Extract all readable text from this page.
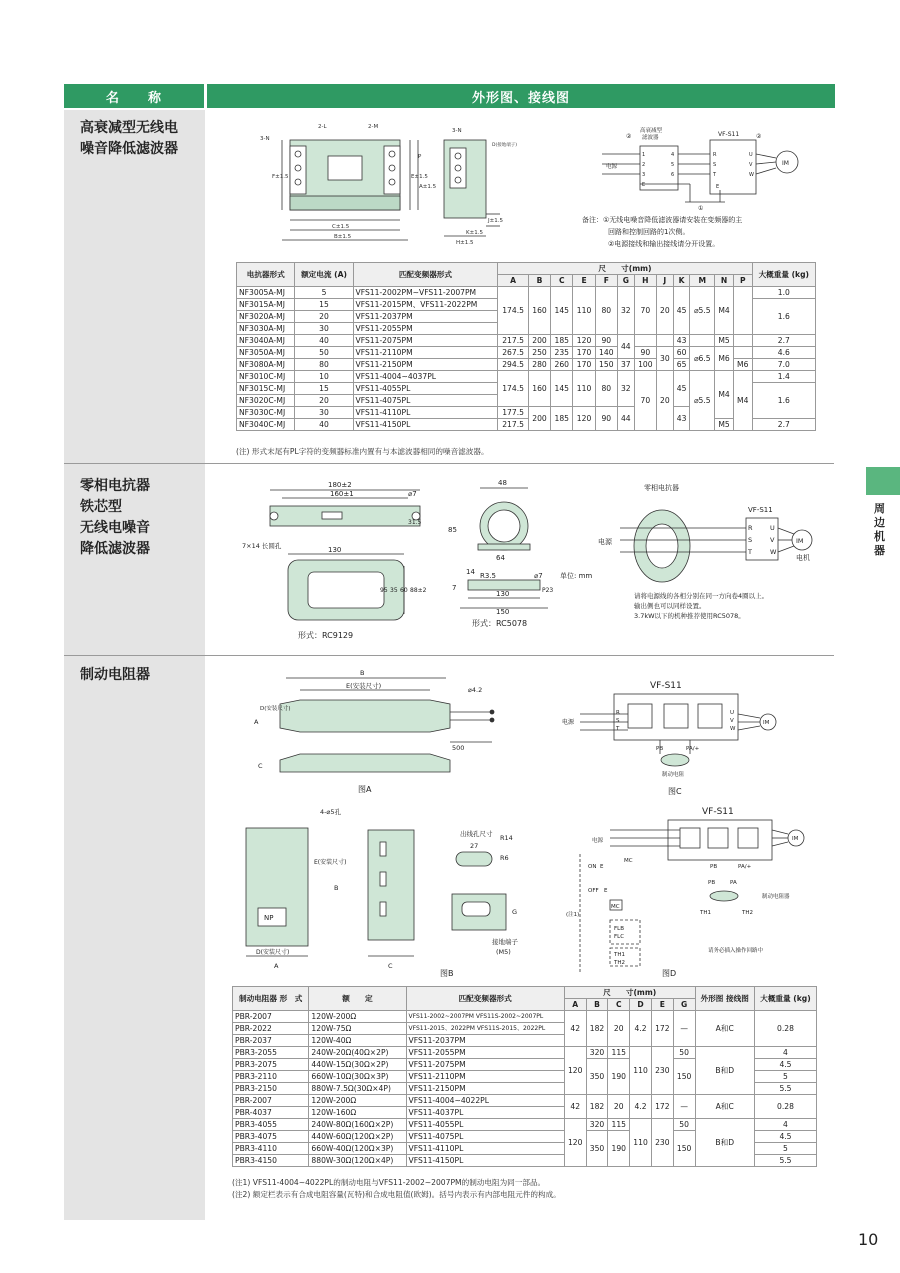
名　　称	外形图、接线图
高衰减型无线电
噪音降低滤波器
零相电抗器
铁芯型
无线电噪音
降低滤波器
制动电阻器
周边机器
10
3-N
2-L	2-M
F±1.5	E±1.5
A±1.5
C±1.5
B±1.5
3-N
D(接地端子)
J±1.5
K±1.5
H±1.5
高衰减型
滤波器	VF-S11
电源	IM
②	②
①
1
2
3
E
4
5
6
R
S
T
U
V
W
E
备注：①无线电噪音降低滤波器请安装在变频器的主
回路和控制回路的1次侧。
②电源接线和输出接线请分开设置。
P
电抗器形式	额定电流 (A)	匹配变频器形式	尺　　寸(mm)												大概重量 (kg)
			A	B	C	E	F	G	H	J	K	M	N	P	
NF3005A-MJ	5	VFS11-2002PM~VFS11-2007PM	174.5	160	145	110	80	32	70	20	45	⌀5.5	M4		1.0
NF3015A-MJ	15	VFS11-2015PM、VFS11-2022PM													1.6
NF3020A-MJ	20	VFS11-2037PM													
NF3030A-MJ	30	VFS11-2055PM													
NF3040A-MJ	40	VFS11-2075PM	217.5	200	185	120	90	44			43		M5		2.7
NF3050A-MJ	50	VFS11-2110PM	267.5	250	235	170	140		90	30	60	⌀6.5	M6		4.6
NF3080A-MJ	80	VFS11-2150PM	294.5	280	260	170	150	37	100		65			M6	7.0
NF3010C-MJ	10	VFS11-4004~4037PL	174.5	160	145	110	80	32	70	20	45	⌀5.5	M4	M4	1.4
NF3015C-MJ	15	VFS11-4055PL													1.6
NF3020C-MJ	20	VFS11-4075PL													
NF3030C-MJ	30	VFS11-4110PL	177.5	200	185	120	90	44			43				
NF3040C-MJ	40	VFS11-4150PL	217.5										M5		2.7
(注) 形式末尾有PL字符的变频器标准内置有与本滤波器相同的噪音滤波器。
180±2
160±1	⌀7
31.5
7×14 长圆孔	130
95 35 60 88±2
形式：RC9129
48
85
64
14 R3.5	⌀7
7
130
150
P23
形式：RC5078
单位: mm
零相电抗器
VF-S11
电源	IM
电机
R
S
T
U
V
W
请将电源线的各相分别在同一方向卷4圈以上。
输出侧也可以同样设置。
3.7kW以下的机种推荐使用RC5078。
B
E(安装尺寸)	⌀4.2
D(安装尺寸)
A
500
C
图A
VF-S11
电源
R
S
T
U
V
W
IM
PB	PA/+
制动电阻
图C
4-⌀5孔
E(安装尺寸)
B
NP
D(安装尺寸)
A	C
出线孔尺寸
27
R14
R6
G
接地端子
(M5)
图B
VF-S11
电源
ON E
OFF E
MC
MC
(注1)
FLB
FLC
TH1
TH2
PB	PA/+
PB	PA
制动电阻器
TH1	TH2
请务必插入操作回路中
IM
图D
制动电阻器 形　式	额　　定	匹配变频器形式	尺　　寸(mm)						外形图 接线图	大概重量 (kg)
			A	B	C	D	E	G		
PBR-2007	120W-200Ω	VFS11-2002~2007PM VFS11S-2002~2007PL	42	182	20	4.2	172	—	A和C	0.28
PBR-2022	120W-75Ω	VFS11-2015、2022PM VFS11S-2015、2022PL								
PBR-2037	120W-40Ω	VFS11-2037PM								
PBR3-2055	240W-20Ω(40Ω×2P)	VFS11-2055PM	120	320	115	110	230	50	B和D	4
PBR3-2075	440W-15Ω(30Ω×2P)	VFS11-2075PM		350	190			150		4.5
PBR3-2110	660W-10Ω(30Ω×3P)	VFS11-2110PM								5
PBR3-2150	880W-7.5Ω(30Ω×4P)	VFS11-2150PM								5.5
PBR-2007	120W-200Ω	VFS11-4004~4022PL	42	182	20	4.2	172	—	A和C	0.28
PBR-4037	120W-160Ω	VFS11-4037PL								
PBR3-4055	240W-80Ω(160Ω×2P)	VFS11-4055PL	120	320	115	110	230	50	B和D	4
PBR3-4075	440W-60Ω(120Ω×2P)	VFS11-4075PL		350	190			150		4.5
PBR3-4110	660W-40Ω(120Ω×3P)	VFS11-4110PL								5
PBR3-4150	880W-30Ω(120Ω×4P)	VFS11-4150PL								5.5
(注1) VFS11-4004~4022PL的制动电阻与VFS11-2002~2007PM的制动电阻为同一部品。
(注2) 额定栏表示有合成电阻容量(瓦特)和合成电阻值(欧姆)。括号内表示有内部电阻元件的构成。
